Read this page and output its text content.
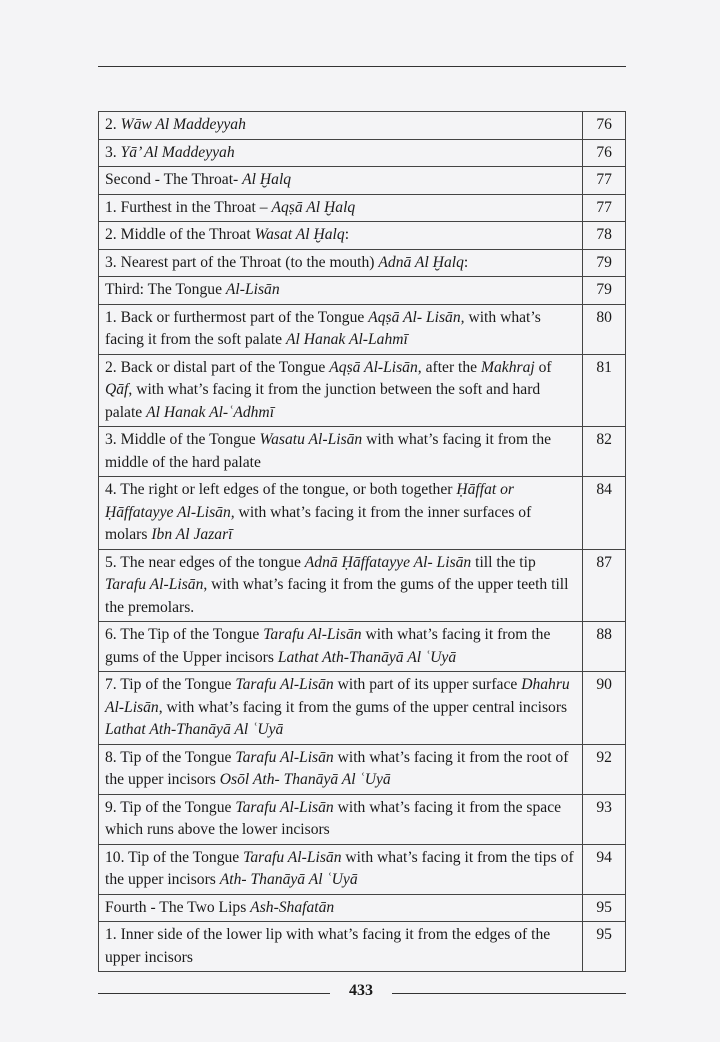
2. Wāw Al Maddeyyah	76
3. Yā’ Al Maddeyyah	76
Second - The Throat- Al Ḫalq	77
1. Furthest in the Throat – Aqṣā Al Ḫalq	77
2. Middle of the Throat Wasat Al Ḫalq:	78
3. Nearest part of the Throat (to the mouth) Adnā Al Ḫalq:	79
Third: The Tongue Al-Lisān	79
1. Back or furthermost part of the Tongue Aqṣā Al- Lisān, with what’s facing it from the soft palate Al Hanak Al-Lahmī	80
2. Back or distal part of the Tongue Aqṣā Al-Lisān, after the Makhraj of Qāf, with what’s facing it from the junction between the soft and hard palate Al Hanak Al-ʿAdhmī	81
3. Middle of the Tongue Wasatu Al-Lisān with what’s facing it from the middle of the hard palate	82
4. The right or left edges of the tongue, or both together Ḥāffat or Ḥāffatayye Al-Lisān, with what’s facing it from the inner surfaces of molars Ibn Al Jazarī	84
5. The near edges of the tongue Adnā Ḥāffatayye Al- Lisān till the tip Tarafu Al-Lisān, with what’s facing it from the gums of the upper teeth till the premolars.	87
6. The Tip of the Tongue Tarafu Al-Lisān with what’s facing it from the gums of the Upper incisors Lathat Ath-Thanāyā Al ʿUyā	88
7. Tip of the Tongue Tarafu Al-Lisān with part of its upper surface Dhahru Al-Lisān, with what’s facing it from the gums of the upper central incisors Lathat Ath-Thanāyā Al ʿUyā	90
8. Tip of the Tongue Tarafu Al-Lisān with what’s facing it from the root of the upper incisors Osōl Ath- Thanāyā Al ʿUyā	92
9. Tip of the Tongue Tarafu Al-Lisān with what’s facing it from the space which runs above the lower incisors	93
10. Tip of the Tongue Tarafu Al-Lisān with what’s facing it from the tips of the upper incisors Ath- Thanāyā Al ʿUyā	94
Fourth - The Two Lips Ash-Shafatān	95
1. Inner side of the lower lip with what’s facing it from the edges of the upper incisors	95
433
